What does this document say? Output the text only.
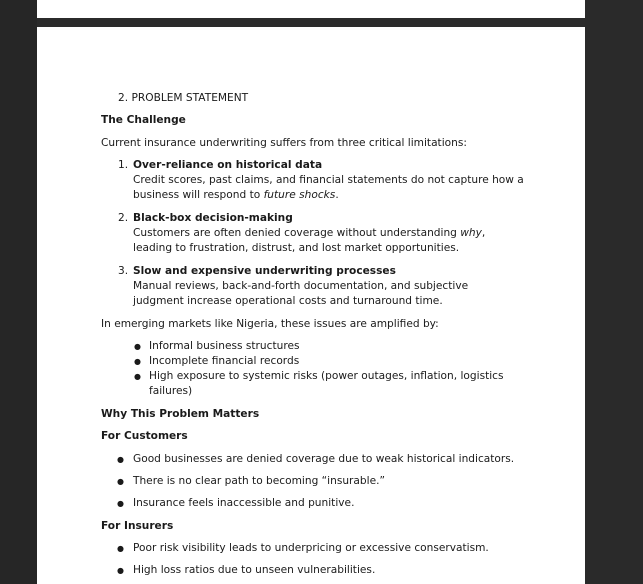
2. PROBLEM STATEMENT
The Challenge
Current insurance underwriting suffers from three critical limitations:
1. Over-reliance on historical data
Credit scores, past claims, and financial statements do not capture how a
business will respond to future shocks.
2. Black-box decision-making
Customers are often denied coverage without understanding why,
leading to frustration, distrust, and lost market opportunities.
3. Slow and expensive underwriting processes
Manual reviews, back-and-forth documentation, and subjective
judgment increase operational costs and turnaround time.
In emerging markets like Nigeria, these issues are amplified by:
● Informal business structures
● Incomplete financial records
● High exposure to systemic risks (power outages, inflation, logistics
failures)
Why This Problem Matters
For Customers
● Good businesses are denied coverage due to weak historical indicators.
● There is no clear path to becoming “insurable.”
● Insurance feels inaccessible and punitive.
For Insurers
● Poor risk visibility leads to underpricing or excessive conservatism.
● High loss ratios due to unseen vulnerabilities.
